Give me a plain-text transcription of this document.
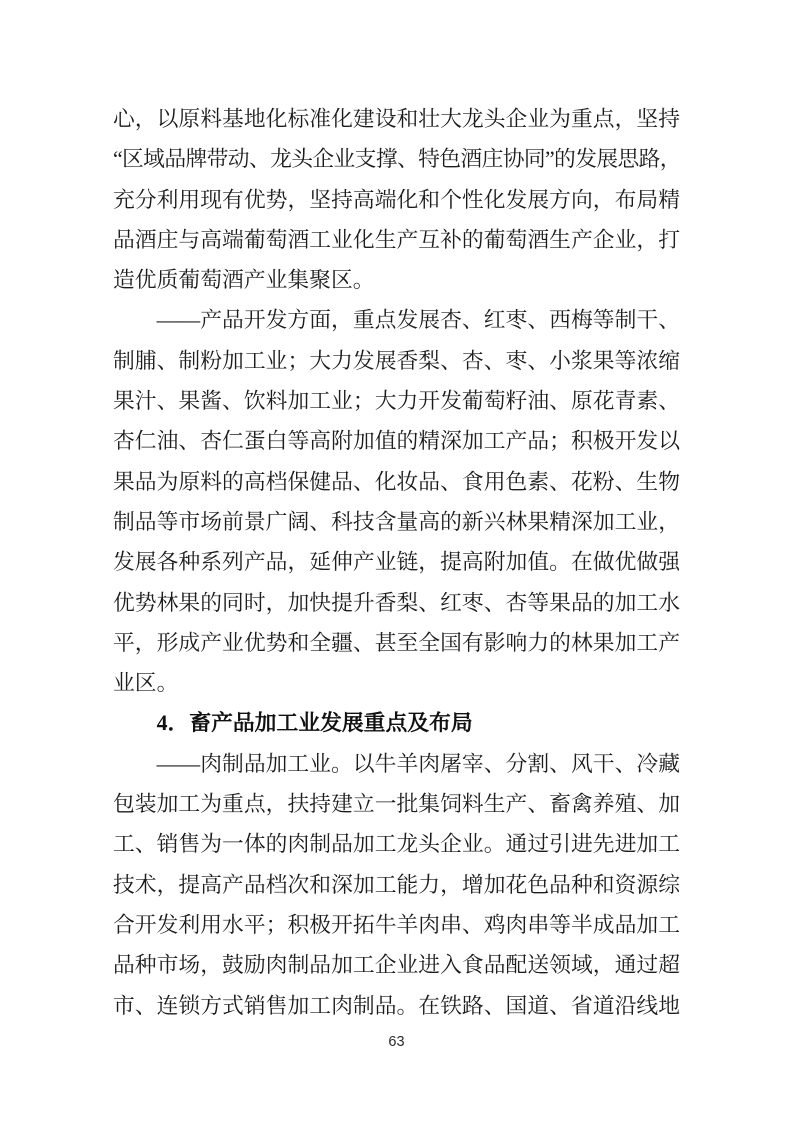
心，以原料基地化标准化建设和壮大龙头企业为重点，坚持
“区域品牌带动、龙头企业支撑、特色酒庄协同”的发展思路，
充分利用现有优势，坚持高端化和个性化发展方向，布局精
品酒庄与高端葡萄酒工业化生产互补的葡萄酒生产企业，打
造优质葡萄酒产业集聚区。
——产品开发方面，重点发展杏、红枣、西梅等制干、
制脯、制粉加工业；大力发展香梨、杏、枣、小浆果等浓缩
果汁、果酱、饮料加工业；大力开发葡萄籽油、原花青素、
杏仁油、杏仁蛋白等高附加值的精深加工产品；积极开发以
果品为原料的高档保健品、化妆品、食用色素、花粉、生物
制品等市场前景广阔、科技含量高的新兴林果精深加工业，
发展各种系列产品，延伸产业链，提高附加值。在做优做强
优势林果的同时，加快提升香梨、红枣、杏等果品的加工水
平，形成产业优势和全疆、甚至全国有影响力的林果加工产
业区。
4．畜产品加工业发展重点及布局
——肉制品加工业。以牛羊肉屠宰、分割、风干、冷藏
包装加工为重点，扶持建立一批集饲料生产、畜禽养殖、加
工、销售为一体的肉制品加工龙头企业。通过引进先进加工
技术，提高产品档次和深加工能力，增加花色品种和资源综
合开发利用水平；积极开拓牛羊肉串、鸡肉串等半成品加工
品种市场，鼓励肉制品加工企业进入食品配送领域，通过超
市、连锁方式销售加工肉制品。在铁路、国道、省道沿线地
63
